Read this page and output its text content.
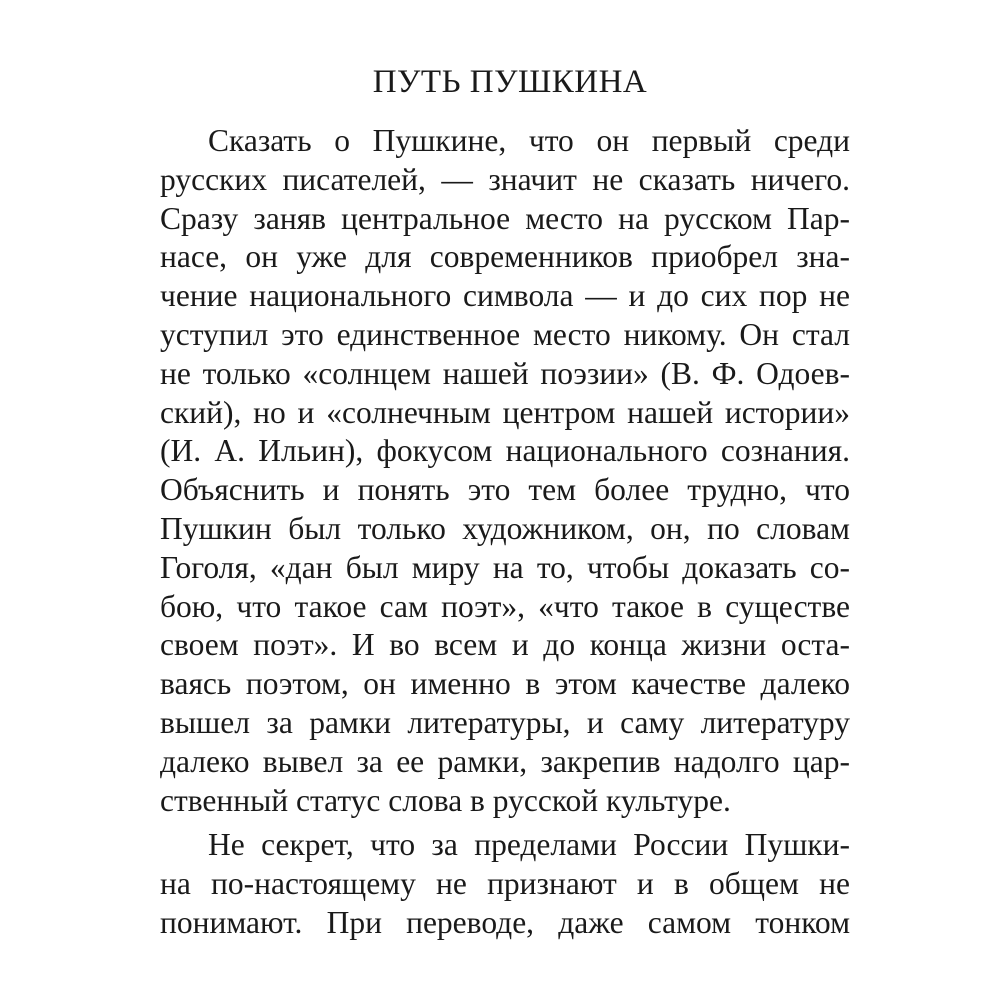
ПУТЬ ПУШКИНА
Сказать о Пушкине, что он первый среди
русских писателей, — значит не сказать ничего.
Сразу заняв центральное место на русском Пар-
насе, он уже для современников приобрел зна-
чение национального символа — и до сих пор не
уступил это единственное место никому. Он стал
не только «солнцем нашей поэзии» (В. Ф. Одоев-
ский), но и «солнечным центром нашей истории»
(И. А. Ильин), фокусом национального сознания.
Объяснить и понять это тем более трудно, что
Пушкин был только художником, он, по словам
Гоголя, «дан был миру на то, чтобы доказать со-
бою, что такое сам поэт», «что такое в существе
своем поэт». И во всем и до конца жизни оста-
ваясь поэтом, он именно в этом качестве далеко
вышел за рамки литературы, и саму литературу
далеко вывел за ее рамки, закрепив надолго цар-
ственный статус слова в русской культуре.
Не секрет, что за пределами России Пушки-
на по-настоящему не признают и в общем не
понимают. При переводе, даже самом тонком
